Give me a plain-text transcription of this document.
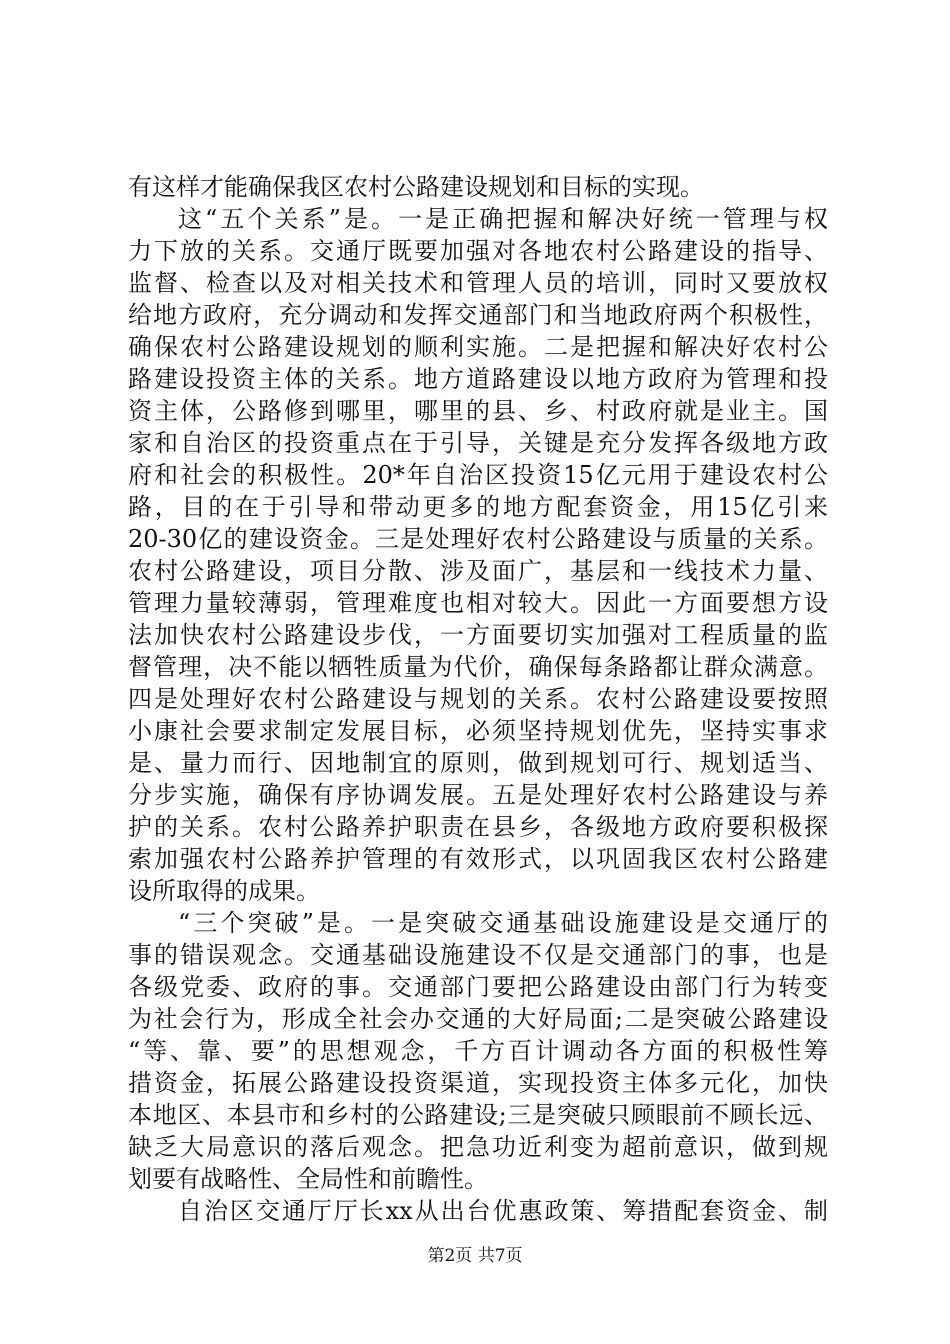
有这样才能确保我区农村公路建设规划和目标的实现。
这“五个关系”是。一是正确把握和解决好统一管理与权
力下放的关系。交通厅既要加强对各地农村公路建设的指导、
监督、检查以及对相关技术和管理人员的培训，同时又要放权
给地方政府，充分调动和发挥交通部门和当地政府两个积极性，
确保农村公路建设规划的顺利实施。二是把握和解决好农村公
路建设投资主体的关系。地方道路建设以地方政府为管理和投
资主体，公路修到哪里，哪里的县、乡、村政府就是业主。国
家和自治区的投资重点在于引导，关键是充分发挥各级地方政
府和社会的积极性。20*年自治区投资15亿元用于建设农村公
路，目的在于引导和带动更多的地方配套资金，用15亿引来
20-30亿的建设资金。三是处理好农村公路建设与质量的关系。
农村公路建设，项目分散、涉及面广，基层和一线技术力量、
管理力量较薄弱，管理难度也相对较大。因此一方面要想方设
法加快农村公路建设步伐，一方面要切实加强对工程质量的监
督管理，决不能以牺牲质量为代价，确保每条路都让群众满意。
四是处理好农村公路建设与规划的关系。农村公路建设要按照
小康社会要求制定发展目标，必须坚持规划优先，坚持实事求
是、量力而行、因地制宜的原则，做到规划可行、规划适当、
分步实施，确保有序协调发展。五是处理好农村公路建设与养
护的关系。农村公路养护职责在县乡，各级地方政府要积极探
索加强农村公路养护管理的有效形式，以巩固我区农村公路建
设所取得的成果。
“三个突破”是。一是突破交通基础设施建设是交通厅的
事的错误观念。交通基础设施建设不仅是交通部门的事，也是
各级党委、政府的事。交通部门要把公路建设由部门行为转变
为社会行为，形成全社会办交通的大好局面;二是突破公路建设
“等、靠、要”的思想观念，千方百计调动各方面的积极性筹
措资金，拓展公路建设投资渠道，实现投资主体多元化，加快
本地区、本县市和乡村的公路建设;三是突破只顾眼前不顾长远、
缺乏大局意识的落后观念。把急功近利变为超前意识，做到规
划要有战略性、全局性和前瞻性。
自治区交通厅厅长xx从出台优惠政策、筹措配套资金、制
第2页 共7页
